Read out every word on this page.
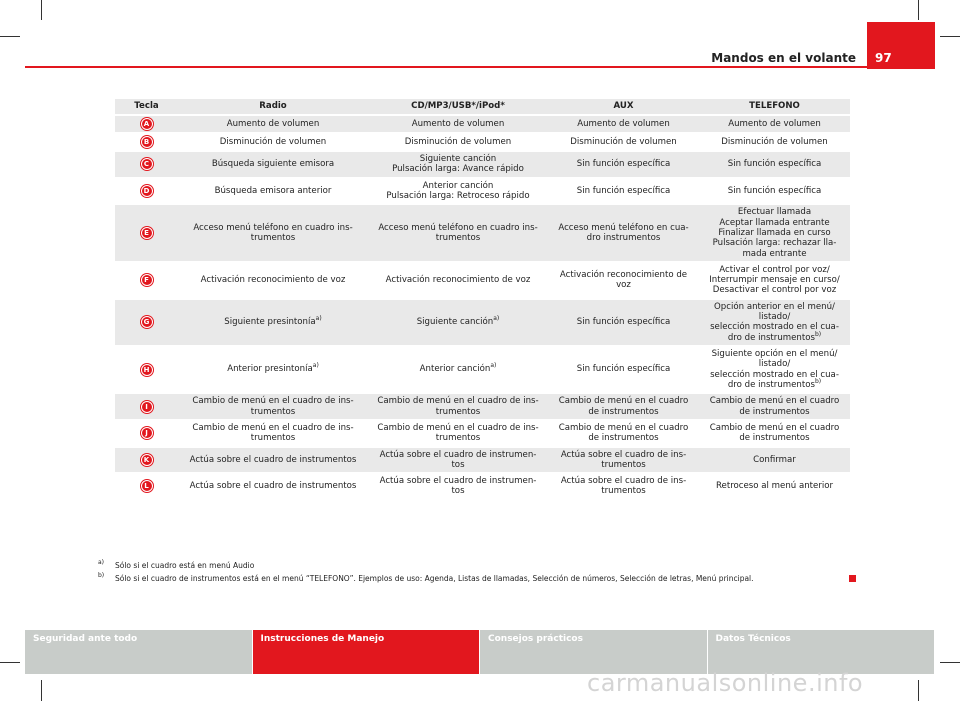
Mandos en el volante 97
Tecla	Radio	CD/MP3/USB*/iPod*	AUX	TELEFONO
A	Aumento de volumen	Aumento de volumen	Aumento de volumen	Aumento de volumen
B	Disminución de volumen	Disminución de volumen	Disminución de volumen	Disminución de volumen
C	Búsqueda siguiente emisora	Siguiente canción
Pulsación larga: Avance rápido	Sin función específica	Sin función específica
D	Búsqueda emisora anterior	Anterior canción
Pulsación larga: Retroceso rápido	Sin función específica	Sin función específica
E	Acceso menú teléfono en cuadro ins-
trumentos	Acceso menú teléfono en cuadro ins-
trumentos	Acceso menú teléfono en cua-
dro instrumentos	Efectuar llamada
Aceptar llamada entrante
Finalizar llamada en curso
Pulsación larga: rechazar lla-
mada entrante
F	Activación reconocimiento de voz	Activación reconocimiento de voz	Activación reconocimiento de
voz	Activar el control por voz/
Interrumpir mensaje en curso/
Desactivar el control por voz
G	Siguiente presintonía$^{a)}$	Siguiente canción$^{a)}$	Sin función específica	Opción anterior en el menú/
listado/
selección mostrado en el cua-
dro de instrumentos$^{b)}$
H	Anterior presintonía$^{a)}$	Anterior canción$^{a)}$	Sin función específica	Siguiente opción en el menú/
listado/
selección mostrado en el cua-
dro de instrumentos$^{b)}$
I	Cambio de menú en el cuadro de ins-
trumentos	Cambio de menú en el cuadro de ins-
trumentos	Cambio de menú en el cuadro
de instrumentos	Cambio de menú en el cuadro
de instrumentos
J	Cambio de menú en el cuadro de ins-
trumentos	Cambio de menú en el cuadro de ins-
trumentos	Cambio de menú en el cuadro
de instrumentos	Cambio de menú en el cuadro
de instrumentos
K	Actúa sobre el cuadro de instrumentos	Actúa sobre el cuadro de instrumen-
tos	Actúa sobre el cuadro de ins-
trumentos	Confirmar
L	Actúa sobre el cuadro de instrumentos	Actúa sobre el cuadro de instrumen-
tos	Actúa sobre el cuadro de ins-
trumentos	Retroceso al menú anterior
a) Sólo si el cuadro está en menú Audio
b) Sólo si el cuadro de instrumentos está en el menú “TELEFONO”. Ejemplos de uso: Agenda, Listas de llamadas, Selección de números, Selección de letras, Menú principal.
Seguridad ante todo	Instrucciones de Manejo	Consejos prácticos	Datos Técnicos
carmanualsonline.info
